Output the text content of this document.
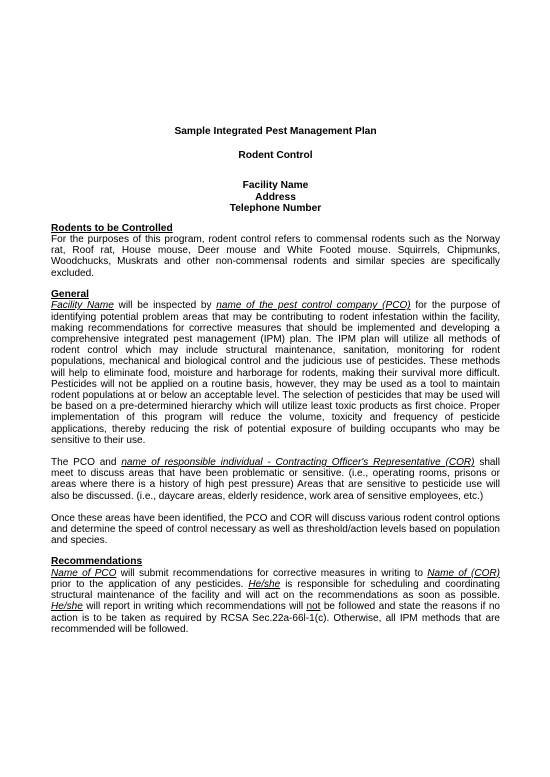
Sample Integrated Pest Management Plan
Rodent Control
Facility Name
Address
Telephone Number
Rodents to be Controlled

For the purposes of this program, rodent control refers to commensal rodents such as the Norway rat, Roof rat, House mouse, Deer mouse and White Footed mouse. Squirrels, Chipmunks, Woodchucks, Muskrats and other non-commensal rodents and similar species are specifically excluded.

General

Facility Name will be inspected by name of the pest control company (PCO) for the purpose of identifying potential problem areas that may be contributing to rodent infestation within the facility, making recommendations for corrective measures that should be implemented and developing a comprehensive integrated pest management (IPM) plan. The IPM plan will utilize all methods of rodent control which may include structural maintenance, sanitation, monitoring for rodent populations, mechanical and biological control and the judicious use of pesticides. These methods will help to eliminate food, moisture and harborage for rodents, making their survival more difficult. Pesticides will not be applied on a routine basis, however, they may be used as a tool to maintain rodent populations at or below an acceptable level. The selection of pesticides that may be used will be based on a pre-determined hierarchy which will utilize least toxic products as first choice. Proper implementation of this program will reduce the volume, toxicity and frequency of pesticide applications, thereby reducing the risk of potential exposure of building occupants who may be sensitive to their use.

The PCO and name of responsible individual - Contracting Officer's Representative (COR) shall meet to discuss areas that have been problematic or sensitive. (i.e., operating rooms, prisons or areas where there is a history of high pest pressure) Areas that are sensitive to pesticide use will also be discussed. (i.e., daycare areas, elderly residence, work area of sensitive employees, etc.)

Once these areas have been identified, the PCO and COR will discuss various rodent control options and determine the speed of control necessary as well as threshold/action levels based on population and species.

Recommendations

Name of PCO will submit recommendations for corrective measures in writing to Name of (COR) prior to the application of any pesticides. He/she is responsible for scheduling and coordinating structural maintenance of the facility and will act on the recommendations as soon as possible. He/she will report in writing which recommendations will not be followed and state the reasons if no action is to be taken as required by RCSA Sec.22a-66l-1(c). Otherwise, all IPM methods that are recommended will be followed.
